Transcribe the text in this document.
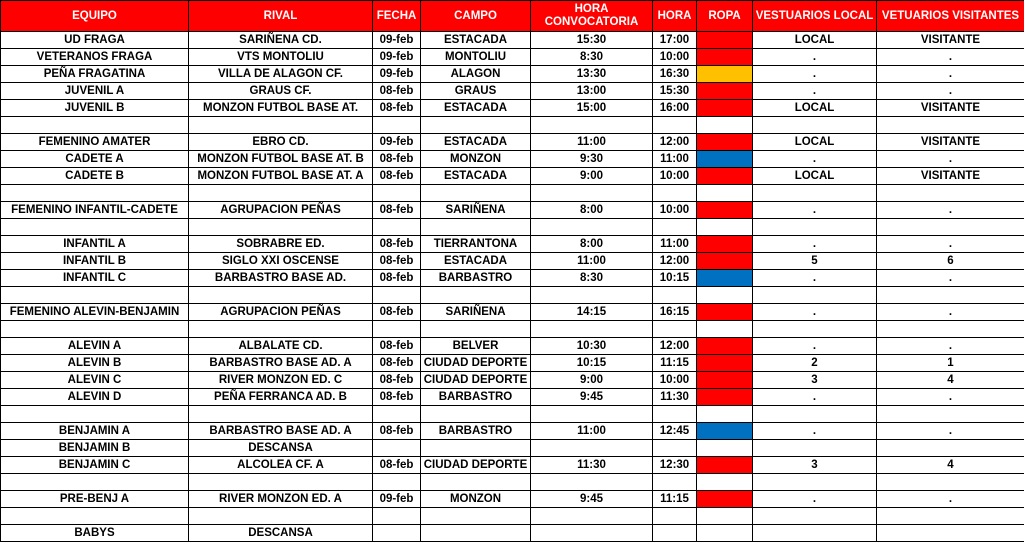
EQUIPO	RIVAL	FECHA	CAMPO	HORA CONVOCATORIA	HORA	ROPA	VESTUARIOS LOCAL	VETUARIOS VISITANTES
UD FRAGA	SARIÑENA CD.	09-feb	ESTACADA	15:30	17:00		LOCAL	VISITANTE
VETERANOS FRAGA	VTS MONTOLIU	09-feb	MONTOLIU	8:30	10:00		.	.
PEÑA FRAGATINA	VILLA DE ALAGON CF.	09-feb	ALAGON	13:30	16:30		.	.
JUVENIL A	GRAUS CF.	08-feb	GRAUS	13:00	15:30		.	.
JUVENIL B	MONZON FUTBOL BASE AT.	08-feb	ESTACADA	15:00	16:00		LOCAL	VISITANTE

FEMENINO AMATER	EBRO CD.	09-feb	ESTACADA	11:00	12:00		LOCAL	VISITANTE
CADETE A	MONZON FUTBOL BASE AT. B	08-feb	MONZON	9:30	11:00		.	.
CADETE B	MONZON FUTBOL BASE AT. A	08-feb	ESTACADA	9:00	10:00		LOCAL	VISITANTE

FEMENINO INFANTIL-CADETE	AGRUPACION PEÑAS	08-feb	SARIÑENA	8:00	10:00		.	.

INFANTIL A	SOBRABRE ED.	08-feb	TIERRANTONA	8:00	11:00		.	.
INFANTIL B	SIGLO XXI OSCENSE	08-feb	ESTACADA	11:00	12:00		5	6
INFANTIL C	BARBASTRO BASE AD.	08-feb	BARBASTRO	8:30	10:15		.	.

FEMENINO ALEVIN-BENJAMIN	AGRUPACION PEÑAS	08-feb	SARIÑENA	14:15	16:15		.	.

ALEVIN A	ALBALATE CD.	08-feb	BELVER	10:30	12:00		.	.
ALEVIN B	BARBASTRO BASE AD. A	08-feb	CIUDAD DEPORTE	10:15	11:15		2	1
ALEVIN C	RIVER MONZON ED. C	08-feb	CIUDAD DEPORTE	9:00	10:00		3	4
ALEVIN D	PEÑA FERRANCA AD. B	08-feb	BARBASTRO	9:45	11:30		.	.

BENJAMIN A	BARBASTRO BASE AD. A	08-feb	BARBASTRO	11:00	12:45		.	.
BENJAMIN B	DESCANSA							
BENJAMIN C	ALCOLEA CF. A	08-feb	CIUDAD DEPORTE	11:30	12:30		3	4

PRE-BENJ A	RIVER MONZON ED. A	09-feb	MONZON	9:45	11:15		.	.

BABYS	DESCANSA							
